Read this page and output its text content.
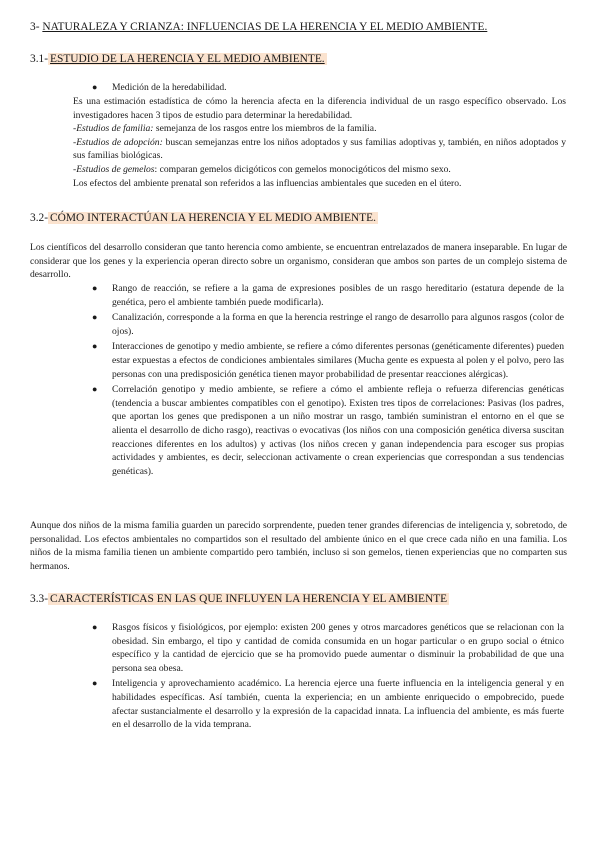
3- NATURALEZA Y CRIANZA: INFLUENCIAS DE LA HERENCIA Y EL MEDIO AMBIENTE.
3.1- ESTUDIO DE LA HERENCIA Y EL MEDIO AMBIENTE.
● Medición de la heredabilidad.
Es una estimación estadística de cómo la herencia afecta en la diferencia individual de un rasgo específico observado. Los investigadores hacen 3 tipos de estudio para determinar la heredabilidad.
-Estudios de familia: semejanza de los rasgos entre los miembros de la familia.
-Estudios de adopción: buscan semejanzas entre los niños adoptados y sus familias adoptivas y, también, en niños adoptados y sus familias biológicas.
-Estudios de gemelos: comparan gemelos dicigóticos con gemelos monocigóticos del mismo sexo.
Los efectos del ambiente prenatal son referidos a las influencias ambientales que suceden en el útero.
3.2- CÓMO INTERACTÚAN LA HERENCIA Y EL MEDIO AMBIENTE.
Los científicos del desarrollo consideran que tanto herencia como ambiente, se encuentran entrelazados de manera inseparable. En lugar de considerar que los genes y la experiencia operan directo sobre un organismo, consideran que ambos son partes de un complejo sistema de desarrollo.
● Rango de reacción, se refiere a la gama de expresiones posibles de un rasgo hereditario (estatura depende de la genética, pero el ambiente también puede modificarla).
● Canalización, corresponde a la forma en que la herencia restringe el rango de desarrollo para algunos rasgos (color de ojos).
● Interacciones de genotipo y medio ambiente, se refiere a cómo diferentes personas (genéticamente diferentes) pueden estar expuestas a efectos de condiciones ambientales similares (Mucha gente es expuesta al polen y el polvo, pero las personas con una predisposición genética tienen mayor probabilidad de presentar reacciones alérgicas).
● Correlación genotipo y medio ambiente, se refiere a cómo el ambiente refleja o refuerza diferencias genéticas (tendencia a buscar ambientes compatibles con el genotipo). Existen tres tipos de correlaciones: Pasivas (los padres, que aportan los genes que predisponen a un niño mostrar un rasgo, también suministran el entorno en el que se alienta el desarrollo de dicho rasgo), reactivas o evocativas (los niños con una composición genética diversa suscitan reacciones diferentes en los adultos) y activas (los niños crecen y ganan independencia para escoger sus propias actividades y ambientes, es decir, seleccionan activamente o crean experiencias que correspondan a sus tendencias genéticas).
Aunque dos niños de la misma familia guarden un parecido sorprendente, pueden tener grandes diferencias de inteligencia y, sobretodo, de personalidad. Los efectos ambientales no compartidos son el resultado del ambiente único en el que crece cada niño en una familia. Los niños de la misma familia tienen un ambiente compartido pero también, incluso si son gemelos, tienen experiencias que no comparten sus hermanos.
3.3- CARACTERÍSTICAS EN LAS QUE INFLUYEN LA HERENCIA Y EL AMBIENTE
● Rasgos físicos y fisiológicos, por ejemplo: existen 200 genes y otros marcadores genéticos que se relacionan con la obesidad. Sin embargo, el tipo y cantidad de comida consumida en un hogar particular o en grupo social o étnico específico y la cantidad de ejercicio que se ha promovido puede aumentar o disminuir la probabilidad de que una persona sea obesa.
● Inteligencia y aprovechamiento académico. La herencia ejerce una fuerte influencia en la inteligencia general y en habilidades específicas. Así también, cuenta la experiencia; en un ambiente enriquecido o empobrecido, puede afectar sustancialmente el desarrollo y la expresión de la capacidad innata. La influencia del ambiente, es más fuerte en el desarrollo de la vida temprana.
